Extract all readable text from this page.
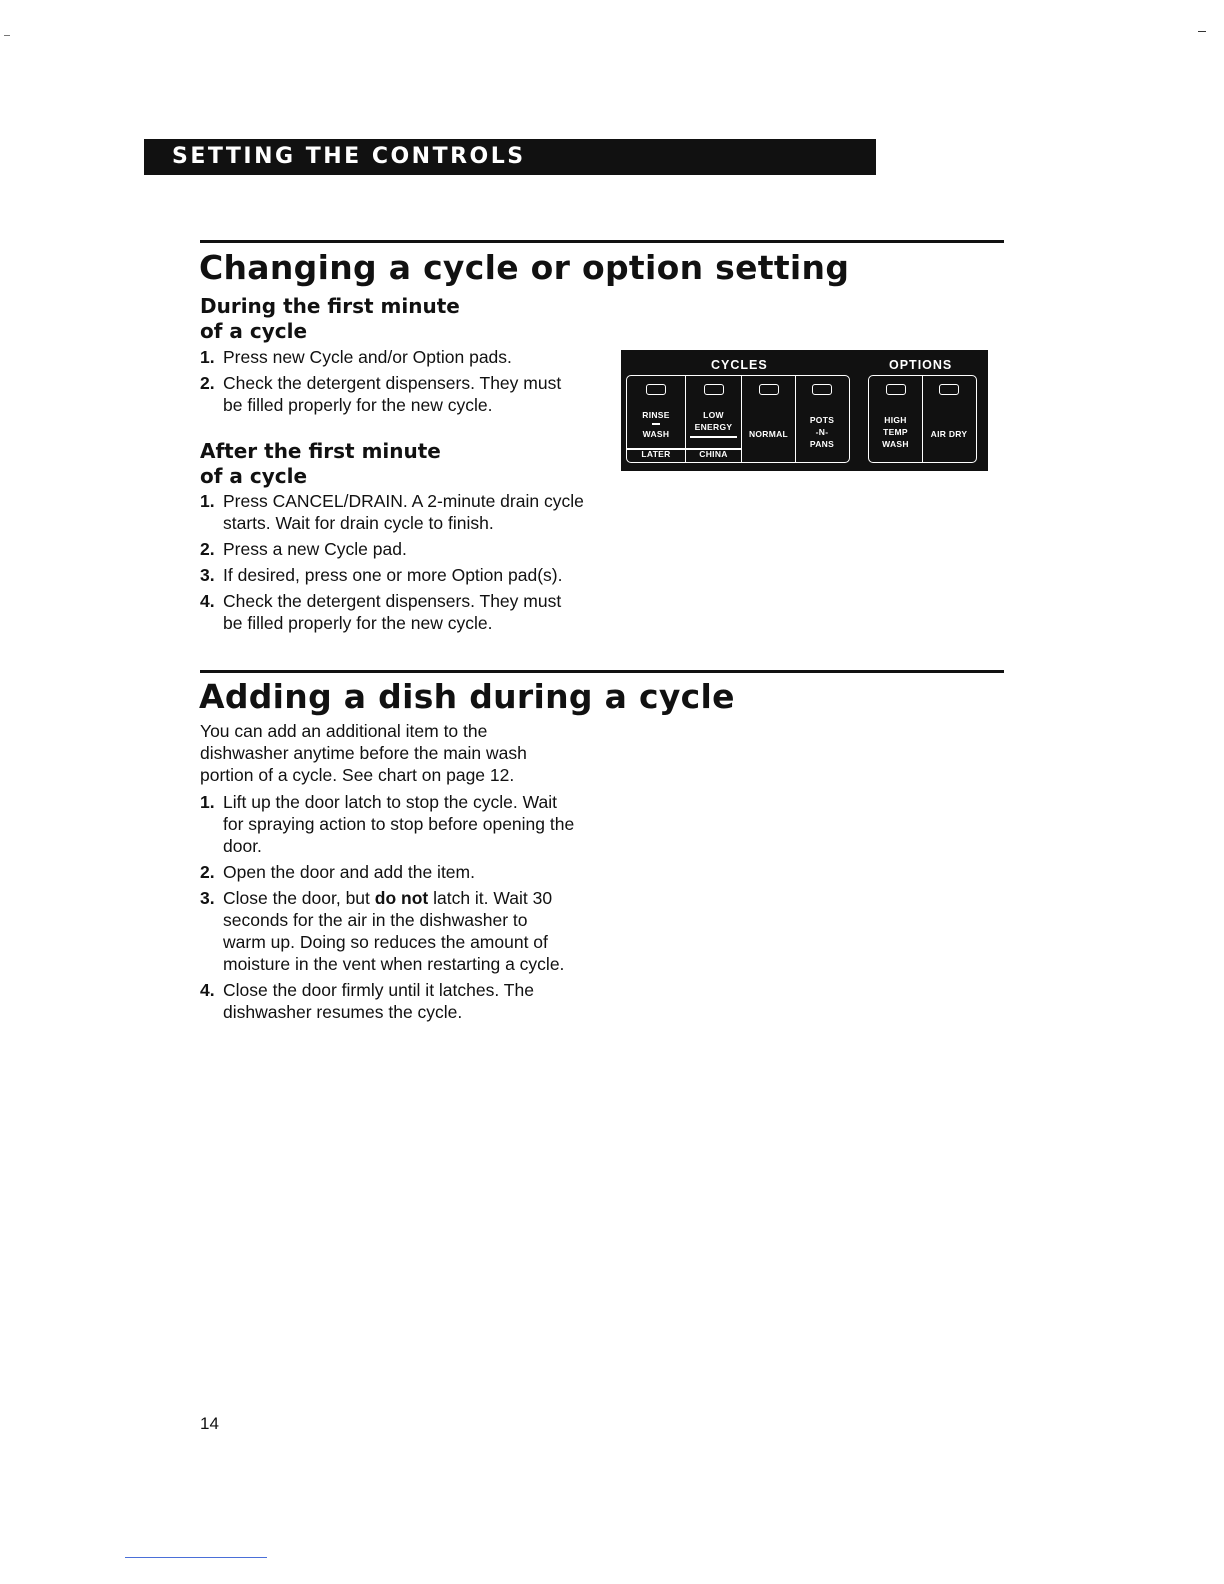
SETTING THE CONTROLS
Changing a cycle or option setting
During the first minute
of a cycle
1. Press new Cycle and/or Option pads.
2. Check the detergent dispensers. They must be filled properly for the new cycle.
After the first minute
of a cycle
1. Press CANCEL/DRAIN. A 2-minute drain cycle starts. Wait for drain cycle to finish.
2. Press a new Cycle pad.
3. If desired, press one or more Option pad(s).
4. Check the detergent dispensers. They must be filled properly for the new cycle.
CYCLES	OPTIONS
RINSE
WASH
LATER
LOW
ENERGY
CHINA
NORMAL
POTS
-N-
PANS
HIGH
TEMP
WASH
AIR DRY
Adding a dish during a cycle

You can add an additional item to the dishwasher anytime before the main wash portion of a cycle. See chart on page 12.

1. Lift up the door latch to stop the cycle. Wait for spraying action to stop before opening the door.
2. Open the door and add the item.
3. Close the door, but do not latch it. Wait 30 seconds for the air in the dishwasher to warm up. Doing so reduces the amount of moisture in the vent when restarting a cycle.
4. Close the door firmly until it latches. The dishwasher resumes the cycle.
14
